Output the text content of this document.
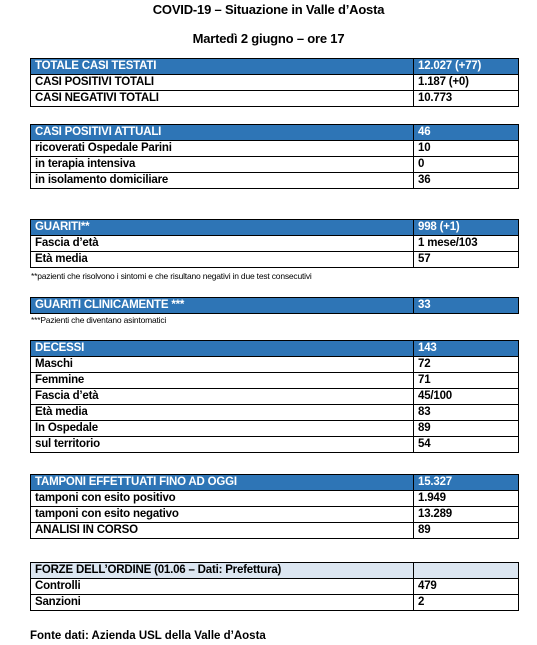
COVID-19 – Situazione in Valle d’Aosta
Martedì 2 giugno – ore 17
TOTALE CASI TESTATI	12.027 (+77)
CASI POSITIVI TOTALI	1.187 (+0)
CASI NEGATIVI TOTALI	10.773
CASI POSITIVI ATTUALI	46
ricoverati Ospedale Parini	10
in terapia intensiva	0
in isolamento domiciliare	36
GUARITI**	998 (+1)
Fascia d’età	1 mese/103
Età media	57
**pazienti che risolvono i sintomi e che risultano negativi in due test consecutivi
GUARITI CLINICAMENTE ***	33
***Pazienti che diventano asintomatici
DECESSI	143
Maschi	72
Femmine	71
Fascia d’età	45/100
Età media	83
In Ospedale	89
sul territorio	54
TAMPONI EFFETTUATI FINO AD OGGI	15.327
tamponi con esito positivo	1.949
tamponi con esito negativo	13.289
ANALISI IN CORSO	89
FORZE DELL’ORDINE (01.06 – Dati: Prefettura)	
Controlli	479
Sanzioni	2
Fonte dati: Azienda USL della Valle d’Aosta
